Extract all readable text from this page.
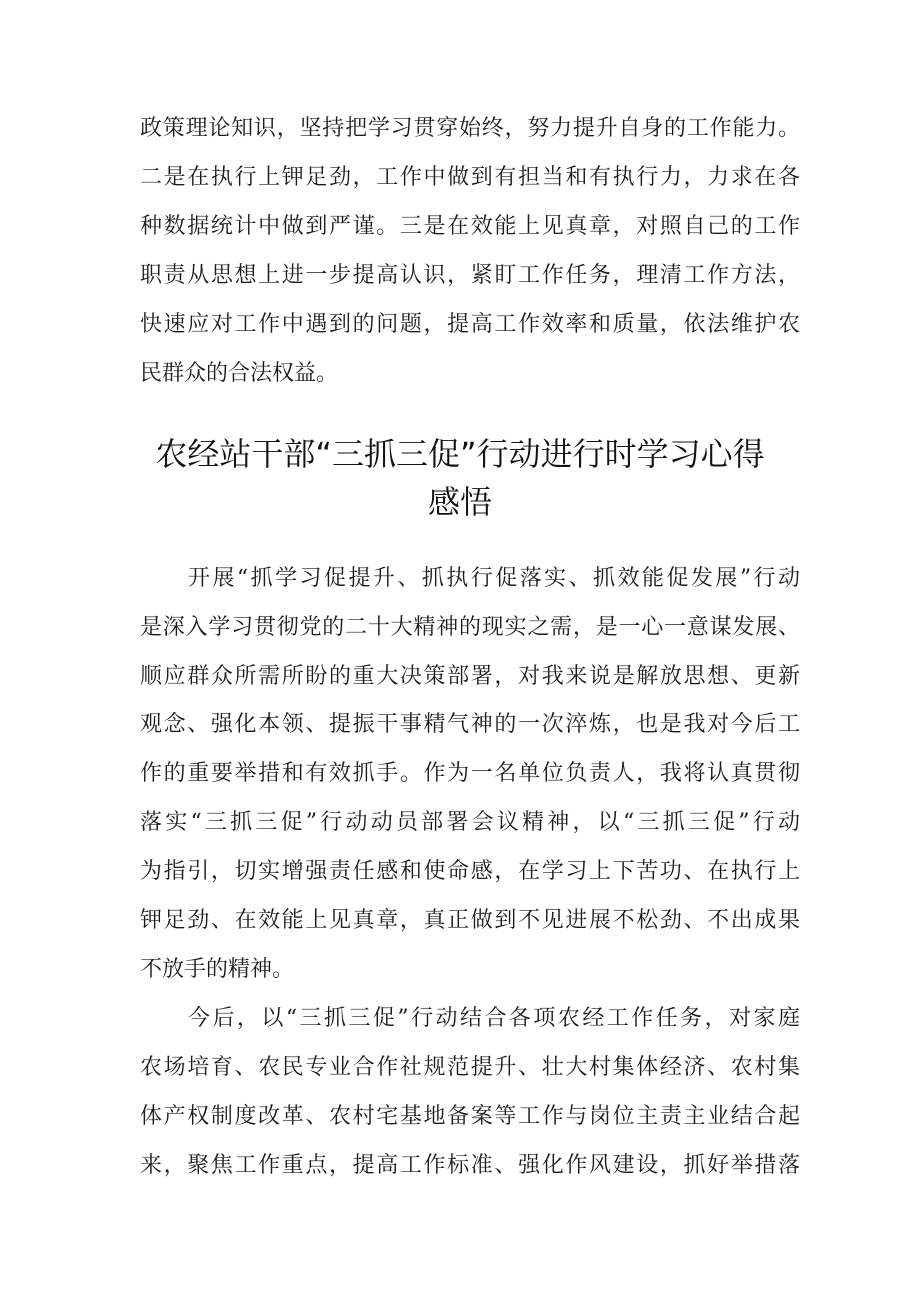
政策理论知识，坚持把学习贯穿始终，努力提升自身的工作能力。
二是在执行上钾足劲，工作中做到有担当和有执行力，力求在各
种数据统计中做到严谨。三是在效能上见真章，对照自己的工作
职责从思想上进一步提高认识，紧盯工作任务，理清工作方法，
快速应对工作中遇到的问题，提高工作效率和质量，依法维护农
民群众的合法权益。
农经站干部“三抓三促”行动进行时学习心得
感悟
开展“抓学习促提升、抓执行促落实、抓效能促发展”行动
是深入学习贯彻党的二十大精神的现实之需，是一心一意谋发展、
顺应群众所需所盼的重大决策部署，对我来说是解放思想、更新
观念、强化本领、提振干事精气神的一次淬炼，也是我对今后工
作的重要举措和有效抓手。作为一名单位负责人，我将认真贯彻
落实“三抓三促”行动动员部署会议精神，以“三抓三促”行动
为指引，切实增强责任感和使命感，在学习上下苦功、在执行上
钾足劲、在效能上见真章，真正做到不见进展不松劲、不出成果
不放手的精神。
今后，以“三抓三促”行动结合各项农经工作任务，对家庭
农场培育、农民专业合作社规范提升、壮大村集体经济、农村集
体产权制度改革、农村宅基地备案等工作与岗位主责主业结合起
来，聚焦工作重点，提高工作标准、强化作风建设，抓好举措落
